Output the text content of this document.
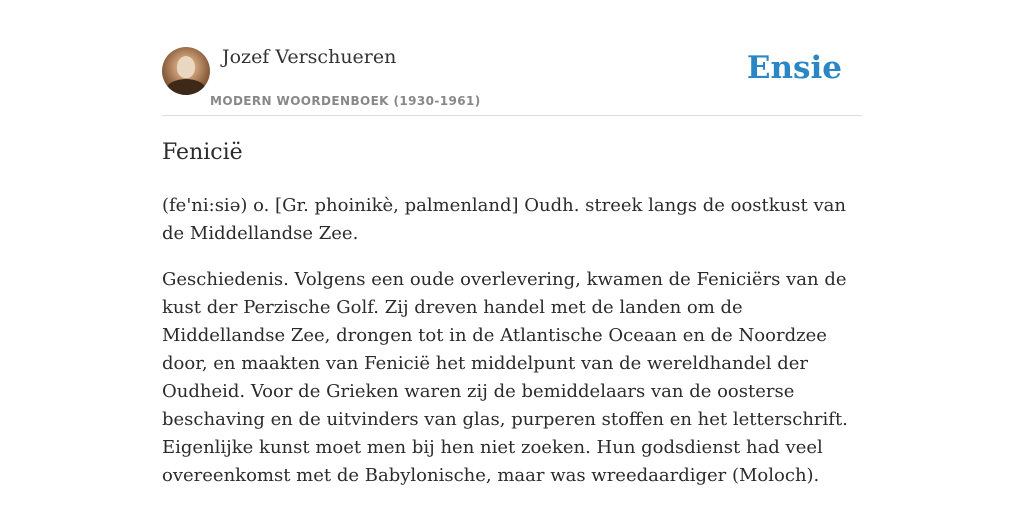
Jozef Verschueren
MODERN WOORDENBOEK (1930-1961)
Ensie
Fenicië

(fe'ni:siə) o. [Gr. phoinikè, palmenland] Oudh. streek langs de oostkust van de Middellandse Zee.

Geschiedenis. Volgens een oude overlevering, kwamen de Feniciërs van de kust der Perzische Golf. Zij dreven handel met de landen om de Middellandse Zee, drongen tot in de Atlantische Oceaan en de Noordzee door, en maakten van Fenicië het middelpunt van de wereldhandel der Oudheid. Voor de Grieken waren zij de bemiddelaars van de oosterse beschaving en de uitvinders van glas, purperen stoffen en het letterschrift. Eigenlijke kunst moet men bij hen niet zoeken. Hun godsdienst had veel overeenkomst met de Babylonische, maar was wreedaardiger (Moloch).
